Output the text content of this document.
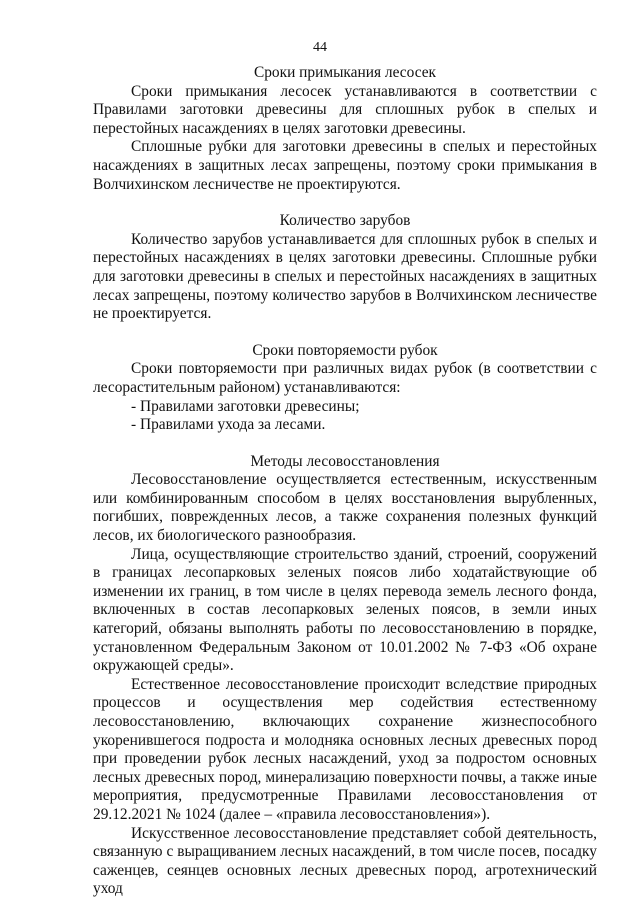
44
Сроки примыкания лесосек

Сроки примыкания лесосек устанавливаются в соответствии с Правилами заготовки древесины для сплошных рубок в спелых и перестойных насаждениях в целях заготовки древесины.

Сплошные рубки для заготовки древесины в спелых и перестойных насаждениях в защитных лесах запрещены, поэтому сроки примыкания в Волчихинском лесничестве не проектируются.

Количество зарубов

Количество зарубов устанавливается для сплошных рубок в спелых и перестойных насаждениях в целях заготовки древесины. Сплошные рубки для заготовки древесины в спелых и перестойных насаждениях в защитных лесах запрещены, поэтому количество зарубов в Волчихинском лесничестве не проектируется.

Сроки повторяемости рубок

Сроки повторяемости при различных видах рубок (в соответствии с лесорастительным районом) устанавливаются:

- Правилами заготовки древесины;

- Правилами ухода за лесами.

Методы лесовосстановления

Лесовосстановление осуществляется естественным, искусственным или комбинированным способом в целях восстановления вырубленных, погибших, поврежденных лесов, а также сохранения полезных функций лесов, их биологического разнообразия.

Лица, осуществляющие строительство зданий, строений, сооружений в границах лесопарковых зеленых поясов либо ходатайствующие об изменении их границ, в том числе в целях перевода земель лесного фонда, включенных в состав лесопарковых зеленых поясов, в земли иных категорий, обязаны выполнять работы по лесовосстановлению в порядке, установленном Федеральным Законом от 10.01.2002 № 7-ФЗ «Об охране окружающей среды».

Естественное лесовосстановление происходит вследствие природных процессов и осуществления мер содействия естественному лесовосстановлению, включающих сохранение жизнеспособного укоренившегося подроста и молодняка основных лесных древесных пород при проведении рубок лесных насаждений, уход за подростом основных лесных древесных пород, минерализацию поверхности почвы, а также иные мероприятия, предусмотренные Правилами лесовосстановления от 29.12.2021 № 1024 (далее – «правила лесовосстановления»).

Искусственное лесовосстановление представляет собой деятельность, связанную с выращиванием лесных насаждений, в том числе посев, посадку саженцев, сеянцев основных лесных древесных пород, агротехнический уход
